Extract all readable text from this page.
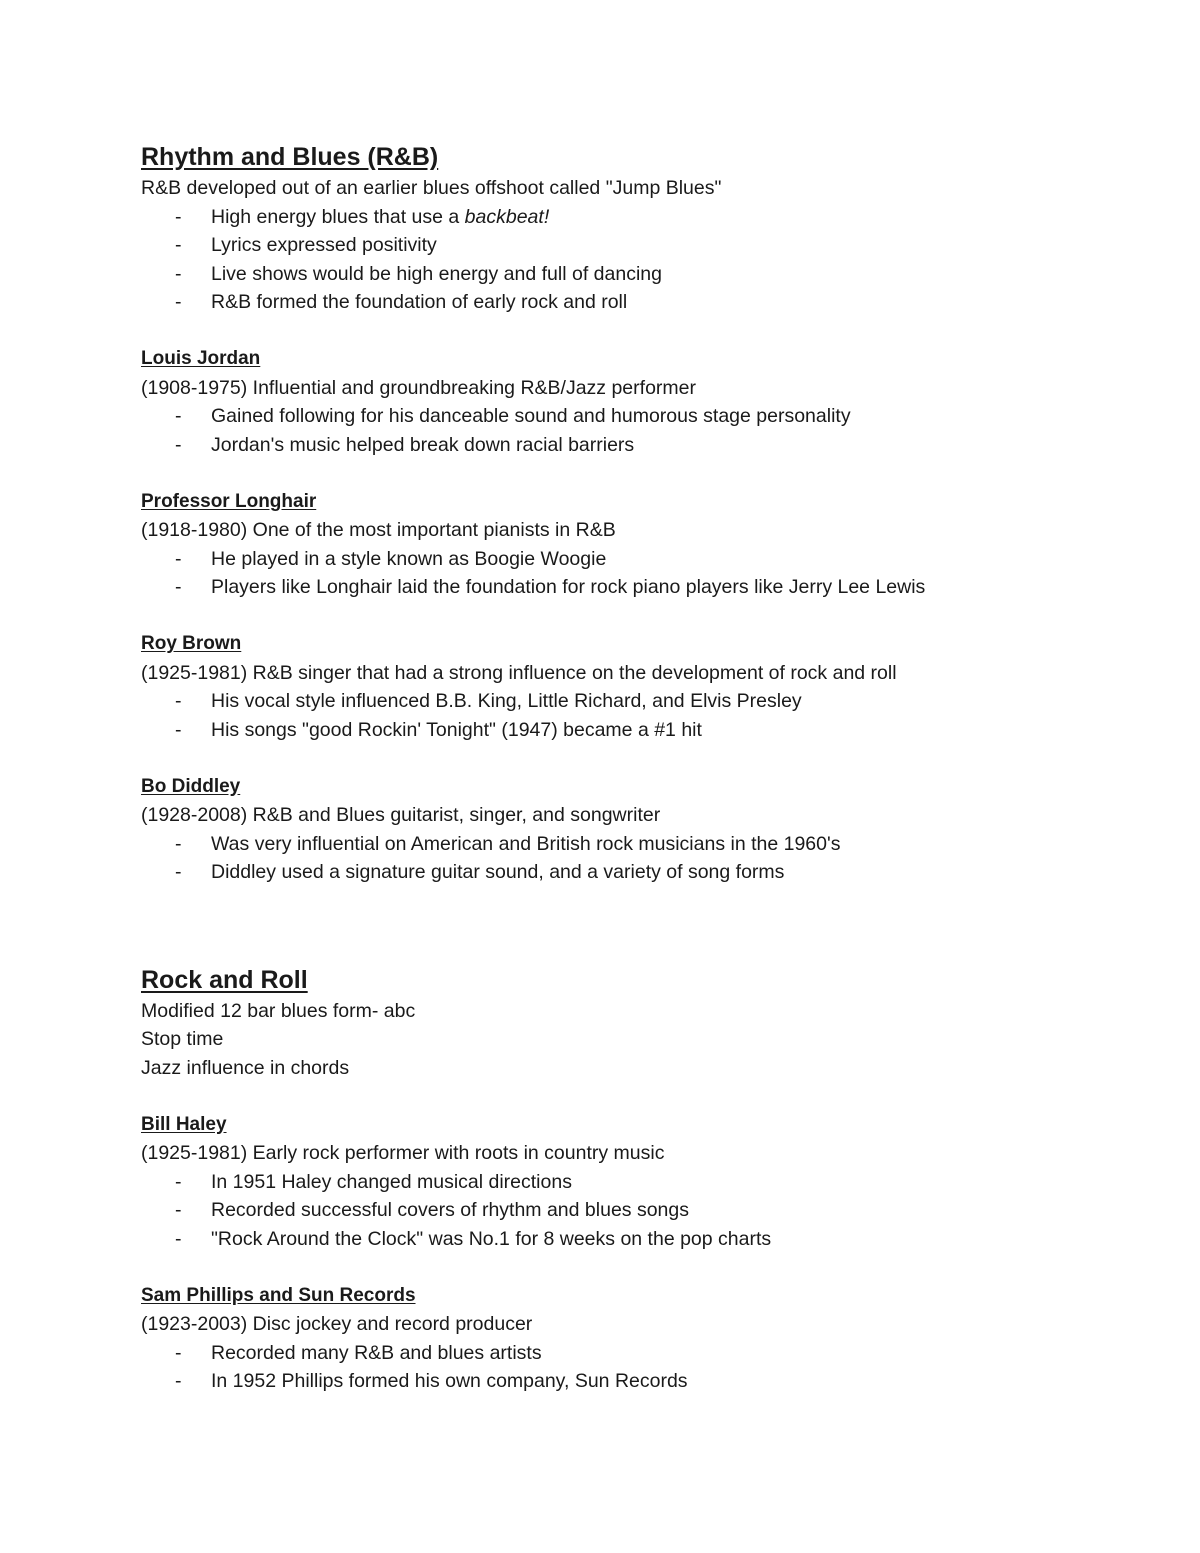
Rhythm and Blues (R&B)
R&B developed out of an earlier blues offshoot called "Jump Blues"
- High energy blues that use a backbeat!
- Lyrics expressed positivity
- Live shows would be high energy and full of dancing
- R&B formed the foundation of early rock and roll
Louis Jordan
(1908-1975) Influential and groundbreaking R&B/Jazz performer
- Gained following for his danceable sound and humorous stage personality
- Jordan's music helped break down racial barriers
Professor Longhair
(1918-1980) One of the most important pianists in R&B
- He played in a style known as Boogie Woogie
- Players like Longhair laid the foundation for rock piano players like Jerry Lee Lewis
Roy Brown
(1925-1981) R&B singer that had a strong influence on the development of rock and roll
- His vocal style influenced B.B. King, Little Richard, and Elvis Presley
- His songs "good Rockin' Tonight" (1947) became a #1 hit
Bo Diddley
(1928-2008) R&B and Blues guitarist, singer, and songwriter
- Was very influential on American and British rock musicians in the 1960's
- Diddley used a signature guitar sound, and a variety of song forms
Rock and Roll
Modified 12 bar blues form- abc
Stop time
Jazz influence in chords
Bill Haley
(1925-1981) Early rock performer with roots in country music
- In 1951 Haley changed musical directions
- Recorded successful covers of rhythm and blues songs
- "Rock Around the Clock" was No.1 for 8 weeks on the pop charts
Sam Phillips and Sun Records
(1923-2003) Disc jockey and record producer
- Recorded many R&B and blues artists
- In 1952 Phillips formed his own company, Sun Records
